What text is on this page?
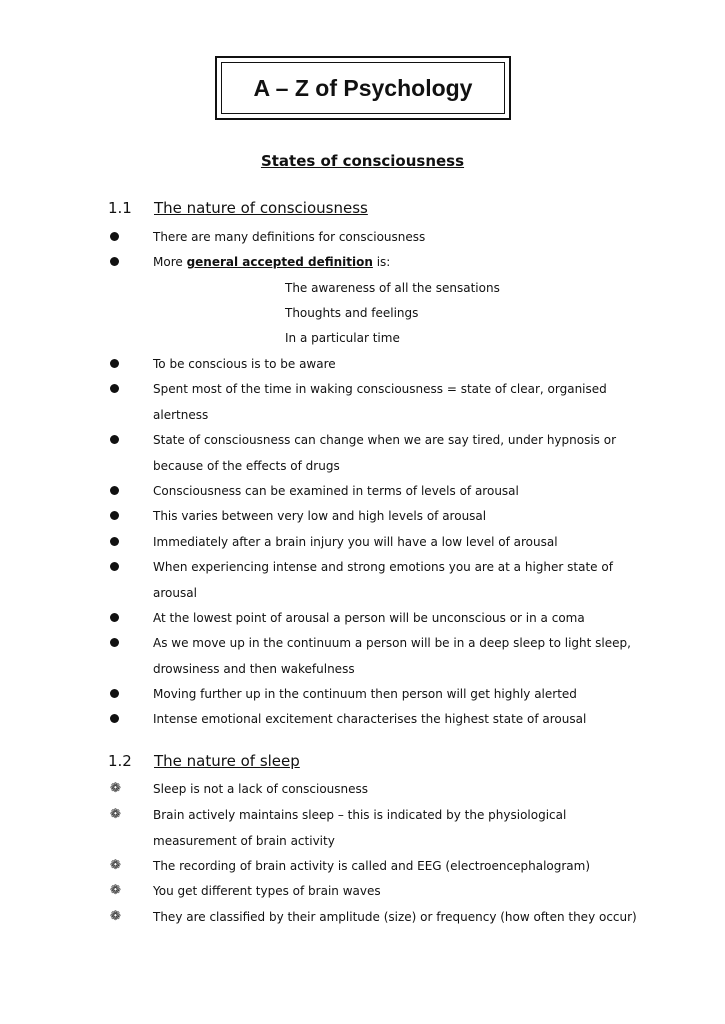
A – Z of Psychology
States of consciousness
1.1 The nature of consciousness
There are many definitions for consciousness
More general accepted definition is:
The awareness of all the sensations
Thoughts and feelings
In a particular time
To be conscious is to be aware
Spent most of the time in waking consciousness = state of clear, organised
alertness
State of consciousness can change when we are say tired, under hypnosis or
because of the effects of drugs
Consciousness can be examined in terms of levels of arousal
This varies between very low and high levels of arousal
Immediately after a brain injury you will have a low level of arousal
When experiencing intense and strong emotions you are at a higher state of
arousal
At the lowest point of arousal a person will be unconscious or in a coma
As we move up in the continuum a person will be in a deep sleep to light sleep,
drowsiness and then wakefulness
Moving further up in the continuum then person will get highly alerted
Intense emotional excitement characterises the highest state of arousal
1.2 The nature of sleep
❁	Sleep is not a lack of consciousness
❁	Brain actively maintains sleep – this is indicated by the physiological
measurement of brain activity
❁	The recording of brain activity is called and EEG (electroencephalogram)
❁	You get different types of brain waves
❁	They are classified by their amplitude (size) or frequency (how often they occur)
